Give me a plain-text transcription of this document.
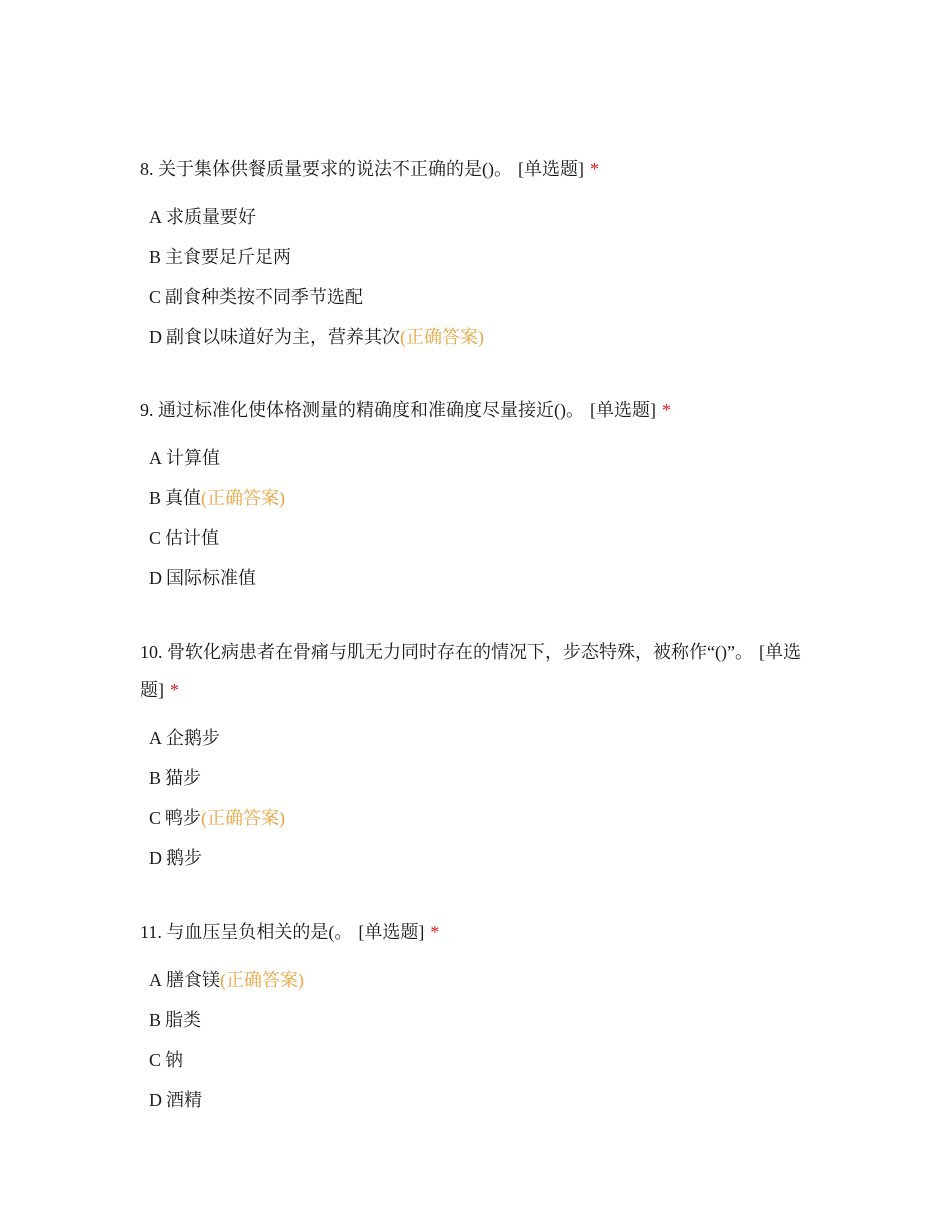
8. 关于集体供餐质量要求的说法不正确的是()。 [单选题] *
A 求质量要好
B 主食要足斤足两
C 副食种类按不同季节选配
D 副食以味道好为主，营养其次(正确答案)
9. 通过标准化使体格测量的精确度和准确度尽量接近()。 [单选题] *
A 计算值
B 真值(正确答案)
C 估计值
D 国际标准值
10. 骨软化病患者在骨痛与肌无力同时存在的情况下，步态特殊，被称作“()”。 [单选题] *
A 企鹅步
B 猫步
C 鸭步(正确答案)
D 鹅步
11. 与血压呈负相关的是(。 [单选题] *
A 膳食镁(正确答案)
B 脂类
C 钠
D 酒精
